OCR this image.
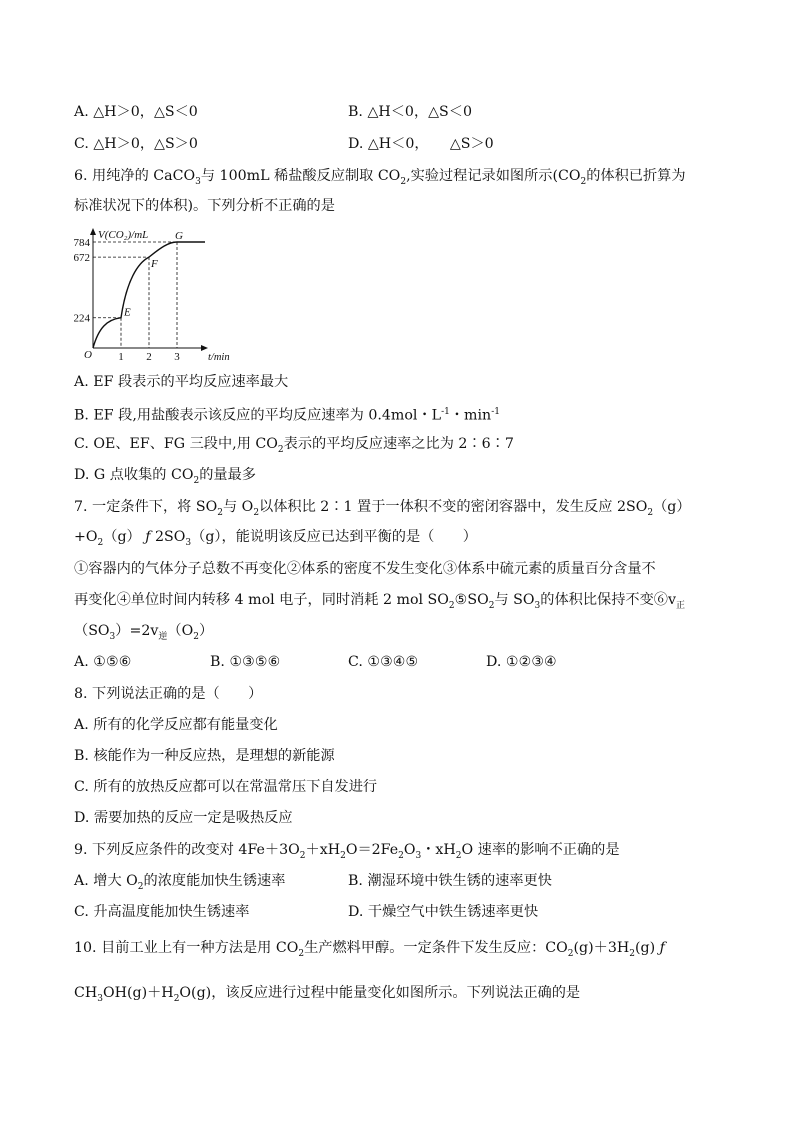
A. △H＞0，△S＜0	B. △H＜0，△S＜0
C. △H＞0，△S＞0	D. △H＜0，　　△S＞0
6. 用纯净的 CaCO$_3$与 100mL 稀盐酸反应制取 $CO_2$,实验过程记录如图所示($CO_2$的体积已折算为
标准状况下的体积)。下列分析不正确的是
224
672
784
1 2 3
E
F
G
V(CO₂)/mL
t/min
O
A. EF 段表示的平均反应速率最大
B. EF 段,用盐酸表示该反应的平均反应速率为 0.4mol・$L^{-1}$・$\min^{-1}$
C. OE、EF、FG 三段中,用 $CO_2$表示的平均反应速率之比为 2∶6∶7
D. G 点收集的 $CO_2$的量最多
7. 一定条件下，将 $SO_2$与 $O_2$以体积比 2∶1 置于一体积不变的密闭容器中，发生反应 $2SO_2(g)$
$+O_2(g)$ ƒ $2SO_3(g)$，能说明该反应已达到平衡的是（　　）
①容器内的气体分子总数不再变化②体系的密度不发生变化③体系中硫元素的质量百分含量不
再变化④单位时间内转移 4 mol 电子，同时消耗 2 mol $SO_2⑤SO_2$与 $SO_3$的体积比保持不变$⑥v_正$
$(SO_3)=2v_逆(O_2)$
A. ①⑤⑥	B. ①③⑤⑥	C. ①③④⑤	D. ①②③④
8. 下列说法正确的是（　　）
A. 所有的化学反应都有能量变化
B. 核能作为一种反应热，是理想的新能源
C. 所有的放热反应都可以在常温常压下自发进行
D. 需要加热的反应一定是吸热反应
9. 下列反应条件的改变对 $4Fe+3O_2+xH_2O=2Fe_2O_3$・$xH_2O$ 速率的影响不正确的是
A. 增大 $O_2$的浓度能加快生锈速率	B. 潮湿环境中铁生锈的速率更快
C. 升高温度能加快生锈速率	D. 干燥空气中铁生锈速率更快
10. 目前工业上有一种方法是用 $CO_2$生产燃料甲醇。一定条件下发生反应：$CO_2(g)+3H_2(g)$ ƒ
$CH_3OH(g)+H_2O(g)$，该反应进行过程中能量变化如图所示。下列说法正确的是
